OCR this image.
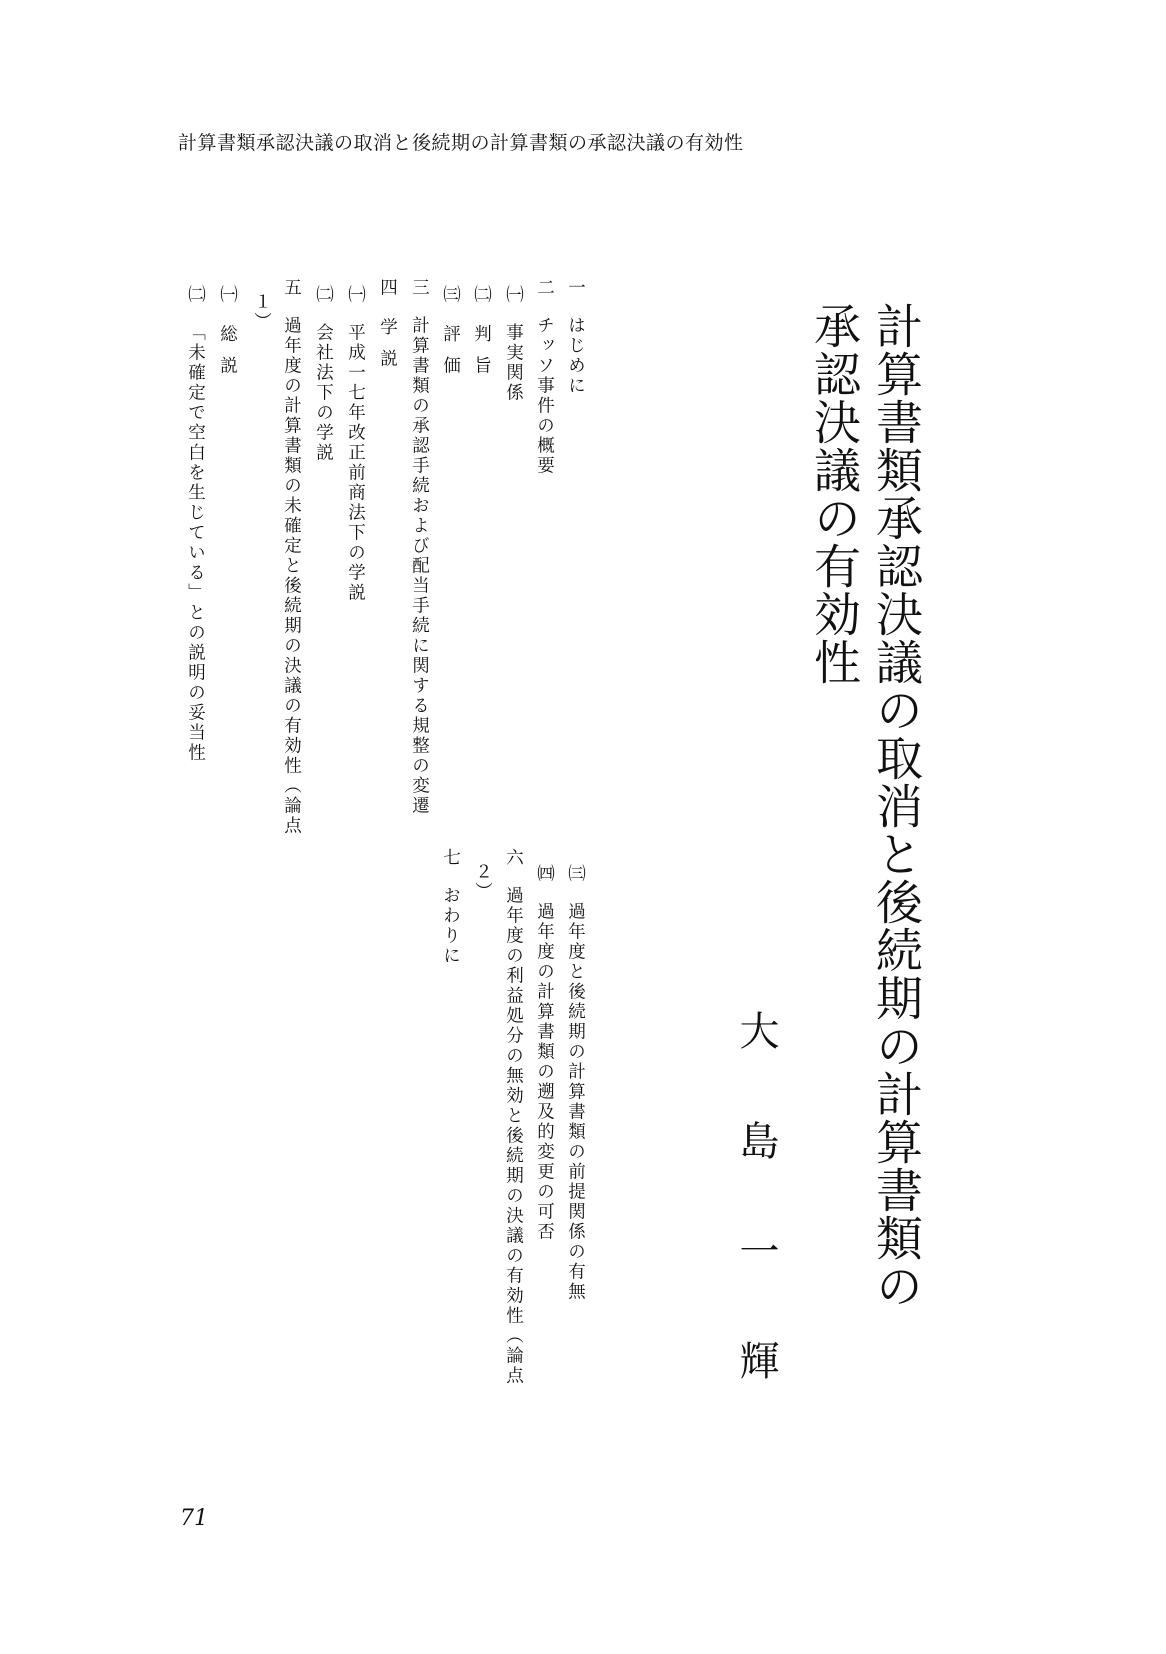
計算書類承認決議の取消と後続期の計算書類の承認決議の有効性
計算書類承認決議の取消と後続期の計算書類の
承認決議の有効性
大島一輝
一はじめに
二チッソ事件の概要
㈠事実関係
㈡判旨
㈢評価
三計算書類の承認手続および配当手続に関する規整の変遷
四学説
㈠平成一七年改正前商法下の学説
㈡会社法下の学説
五過年度の計算書類の未確定と後続期の決議の有効性（論点
１）
㈠総説
㈡「未確定で空白を生じている」との説明の妥当性
㈢過年度と後続期の計算書類の前提関係の有無
㈣過年度の計算書類の遡及的変更の可否
六過年度の利益処分の無効と後続期の決議の有効性（論点
２）
七おわりに
71
